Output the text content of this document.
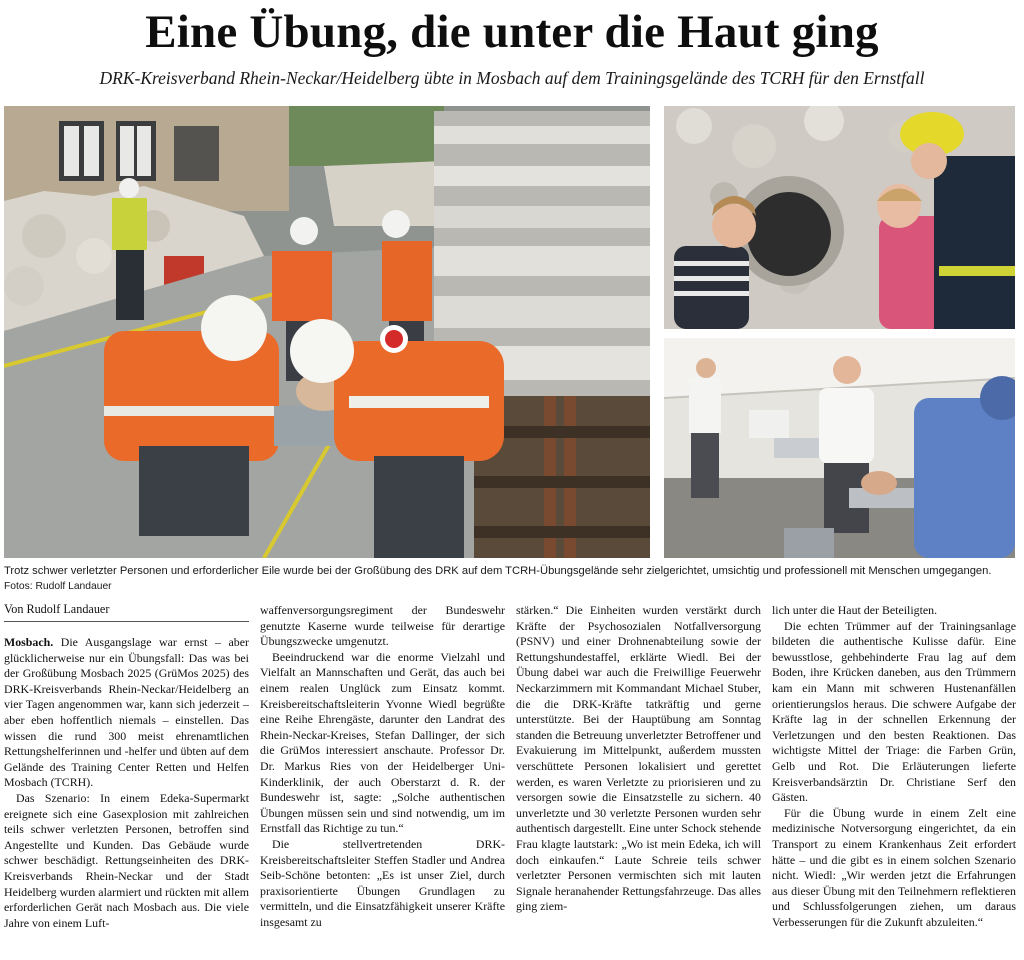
Eine Übung, die unter die Haut ging
DRK-Kreisverband Rhein-Neckar/Heidelberg übte in Mosbach auf dem Trainingsgelände des TCRH für den Ernstfall
Trotz schwer verletzter Personen und erforderlicher Eile wurde bei der Großübung des DRK auf dem TCRH-Übungsgelände sehr zielgerichtet, umsichtig und professionell mit Menschen umgegangen. Fotos: Rudolf Landauer
Von Rudolf Landauer

Mosbach. Die Ausgangslage war ernst – aber glücklicherweise nur ein Übungsfall: Das was bei der Großübung Mosbach 2025 (GrüMos 2025) des DRK-Kreisverbands Rhein-Neckar/Heidelberg an vier Tagen angenommen war, kann sich jederzeit – aber eben hoffentlich niemals – einstellen. Das wissen die rund 300 meist ehrenamtlichen Rettungshelferinnen und -helfer und übten auf dem Gelände des Training Center Retten und Helfen Mosbach (TCRH).

Das Szenario: In einem Edeka-Supermarkt ereignete sich eine Gasexplosion mit zahlreichen teils schwer verletzten Personen, betroffen sind Angestellte und Kunden. Das Gebäude wurde schwer beschädigt. Rettungseinheiten des DRK-Kreisverbands Rhein-Neckar und der Stadt Heidelberg wurden alarmiert und rückten mit allem erforderlichen Gerät nach Mosbach aus. Die viele Jahre von einem Luft-

waffenversorgungsregiment der Bundeswehr genutzte Kaserne wurde teilweise für derartige Übungszwecke umgenutzt.

Beeindruckend war die enorme Vielzahl und Vielfalt an Mannschaften und Gerät, das auch bei einem realen Unglück zum Einsatz kommt. Kreisbereitschaftsleiterin Yvonne Wiedl begrüßte eine Reihe Ehrengäste, darunter den Landrat des Rhein-Neckar-Kreises, Stefan Dallinger, der sich die GrüMos interessiert anschaute. Professor Dr. Dr. Markus Ries von der Heidelberger Uni-Kinderklinik, der auch Oberstarzt d. R. der Bundeswehr ist, sagte: „Solche authentischen Übungen müssen sein und sind notwendig, um im Ernstfall das Richtige zu tun.“

Die stellvertretenden DRK-Kreisbereitschaftsleiter Steffen Stadler und Andrea Seib-Schöne betonten: „Es ist unser Ziel, durch praxisorientierte Übungen Grundlagen zu vermitteln, und die Einsatzfähigkeit unserer Kräfte insgesamt zu

stärken.“ Die Einheiten wurden verstärkt durch Kräfte der Psychosozialen Notfallversorgung (PSNV) und einer Drohnenabteilung sowie der Rettungshundestaffel, erklärte Wiedl. Bei der Übung dabei war auch die Freiwillige Feuerwehr Neckarzimmern mit Kommandant Michael Stuber, die die DRK-Kräfte tatkräftig und gerne unterstützte. Bei der Hauptübung am Sonntag standen die Betreuung unverletzter Betroffener und Evakuierung im Mittelpunkt, außerdem mussten verschüttete Personen lokalisiert und gerettet werden, es waren Verletzte zu priorisieren und zu versorgen sowie die Einsatzstelle zu sichern. 40 unverletzte und 30 verletzte Personen wurden sehr authentisch dargestellt. Eine unter Schock stehende Frau klagte lautstark: „Wo ist mein Edeka, ich will doch einkaufen.“ Laute Schreie teils schwer verletzter Personen vermischten sich mit lauten Signale heranahender Rettungsfahrzeuge. Das alles ging ziem-

lich unter die Haut der Beteiligten.

Die echten Trümmer auf der Trainingsanlage bildeten die authentische Kulisse dafür. Eine bewusstlose, gehbehinderte Frau lag auf dem Boden, ihre Krücken daneben, aus den Trümmern kam ein Mann mit schweren Hustenanfällen orientierungslos heraus. Die schwere Aufgabe der Kräfte lag in der schnellen Erkennung der Verletzungen und den besten Reaktionen. Das wichtigste Mittel der Triage: die Farben Grün, Gelb und Rot. Die Erläuterungen lieferte Kreisverbandsärztin Dr. Christiane Serf den Gästen.

Für die Übung wurde in einem Zelt eine medizinische Notversorgung eingerichtet, da ein Transport zu einem Krankenhaus Zeit erfordert hätte – und die gibt es in einem solchen Szenario nicht. Wiedl: „Wir werden jetzt die Erfahrungen aus dieser Übung mit den Teilnehmern reflektieren und Schlussfolgerungen ziehen, um daraus Verbesserungen für die Zukunft abzuleiten.“
